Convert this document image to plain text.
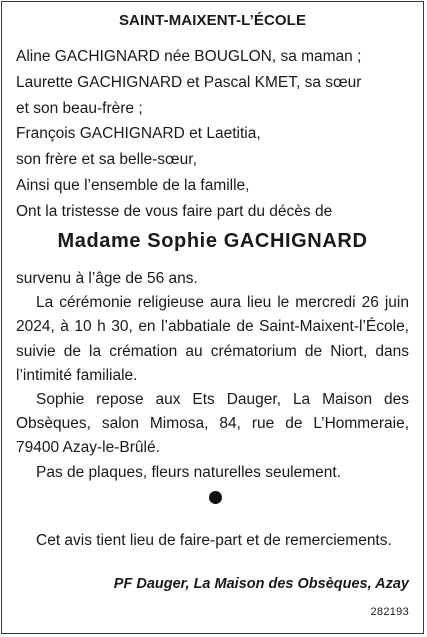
SAINT-MAIXENT-L’ÉCOLE
Aline GACHIGNARD née BOUGLON, sa maman ;
Laurette GACHIGNARD et Pascal KMET, sa sœur
et son beau-frère ;
François GACHIGNARD et Laetitia,
son frère et sa belle-sœur,
Ainsi que l’ensemble de la famille,
Ont la tristesse de vous faire part du décès de
Madame Sophie GACHIGNARD

survenu à l’âge de 56 ans.

La cérémonie religieuse aura lieu le mercredi 26 juin 2024, à 10 h 30, en l’abbatiale de Saint-Maixent-l’École, suivie de la crémation au crématorium de Niort, dans l’intimité familiale.

Sophie repose aux Ets Dauger, La Maison des Obsèques, salon Mimosa, 84, rue de L’Hommeraie, 79400 Azay-le-Brûlé.

Pas de plaques, fleurs naturelles seulement.

Cet avis tient lieu de faire-part et de remerciements.
PF Dauger, La Maison des Obsèques, Azay
282193
